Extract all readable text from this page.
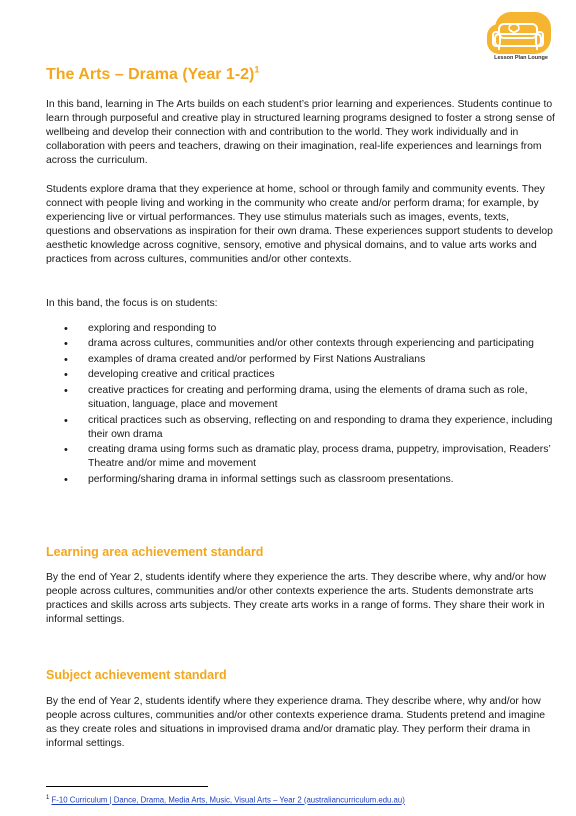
Lesson Plan Lounge
The Arts – Drama (Year 1-2)$^1$

In this band, learning in The Arts builds on each student’s prior learning and experiences. Students continue to learn through purposeful and creative play in structured learning programs designed to foster a strong sense of wellbeing and develop their connection with and contribution to the world. They work individually and in collaboration with peers and teachers, drawing on their imagination, real-life experiences and learnings from across the curriculum.

Students explore drama that they experience at home, school or through family and community events. They connect with people living and working in the community who create and/or perform drama; for example, by experiencing live or virtual performances. They use stimulus materials such as images, events, texts, questions and observations as inspiration for their own drama. These experiences support students to develop aesthetic knowledge across cognitive, sensory, emotive and physical domains, and to value arts works and practices from across cultures, communities and/or other contexts.

In this band, the focus is on students:

• exploring and responding to
• drama across cultures, communities and/or other contexts through experiencing and participating
• examples of drama created and/or performed by First Nations Australians
• developing creative and critical practices
• creative practices for creating and performing drama, using the elements of drama such as role, situation, language, place and movement
• critical practices such as observing, reflecting on and responding to drama they experience, including their own drama
• creating drama using forms such as dramatic play, process drama, puppetry, improvisation, Readers’ Theatre and/or mime and movement
• performing/sharing drama in informal settings such as classroom presentations.
Learning area achievement standard

By the end of Year 2, students identify where they experience the arts. They describe where, why and/or how people across cultures, communities and/or other contexts experience the arts. Students demonstrate arts practices and skills across arts subjects. They create arts works in a range of forms. They share their work in informal settings.

Subject achievement standard

By the end of Year 2, students identify where they experience drama. They describe where, why and/or how people across cultures, communities and/or other contexts experience drama. Students pretend and imagine as they create roles and situations in improvised drama and/or dramatic play. They perform their drama in informal settings.

$^1$ F-10 Curriculum | Dance, Drama, Media Arts, Music, Visual Arts – Year 2 (australiancurriculum.edu.au)
